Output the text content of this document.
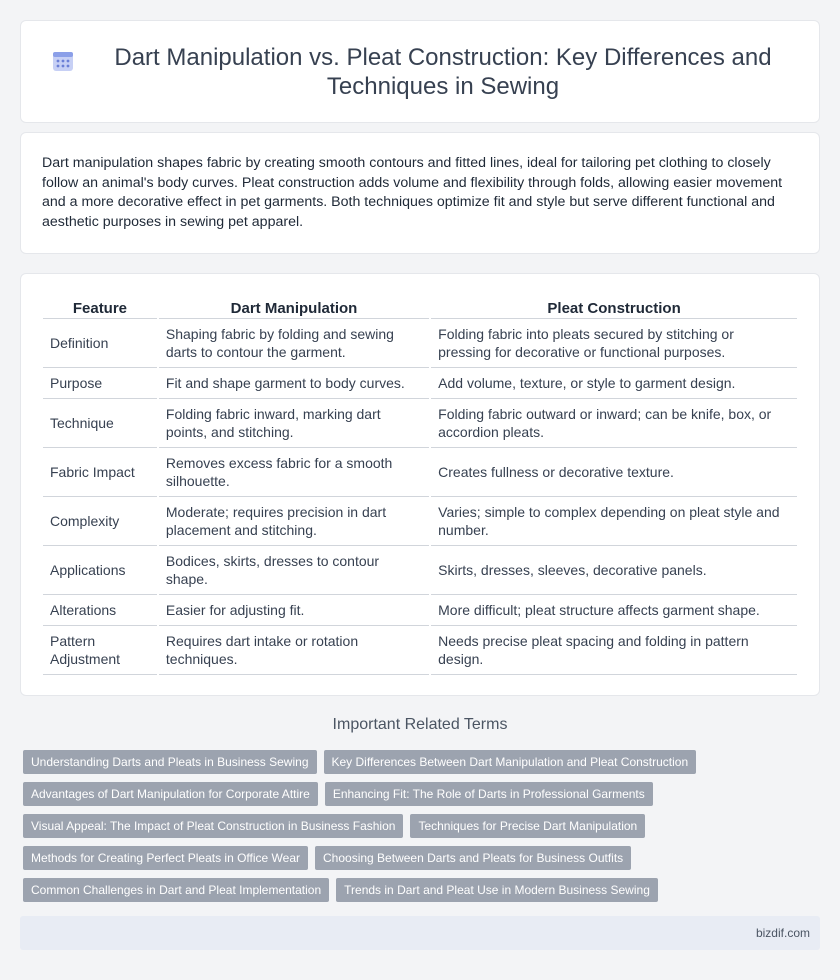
Dart Manipulation vs. Pleat Construction: Key Differences and Techniques in Sewing

Dart manipulation shapes fabric by creating smooth contours and fitted lines, ideal for tailoring pet clothing to closely follow an animal's body curves. Pleat construction adds volume and flexibility through folds, allowing easier movement and a more decorative effect in pet garments. Both techniques optimize fit and style but serve different functional and aesthetic purposes in sewing pet apparel.

Feature	Dart Manipulation	Pleat Construction
Definition	Shaping fabric by folding and sewing darts to contour the garment.	Folding fabric into pleats secured by stitching or pressing for decorative or functional purposes.
Purpose	Fit and shape garment to body curves.	Add volume, texture, or style to garment design.
Technique	Folding fabric inward, marking dart points, and stitching.	Folding fabric outward or inward; can be knife, box, or accordion pleats.
Fabric Impact	Removes excess fabric for a smooth silhouette.	Creates fullness or decorative texture.
Complexity	Moderate; requires precision in dart placement and stitching.	Varies; simple to complex depending on pleat style and number.
Applications	Bodices, skirts, dresses to contour shape.	Skirts, dresses, sleeves, decorative panels.
Alterations	Easier for adjusting fit.	More difficult; pleat structure affects garment shape.
Pattern Adjustment	Requires dart intake or rotation techniques.	Needs precise pleat spacing and folding in pattern design.
Important Related Terms
Understanding Darts and Pleats in Business Sewing	Key Differences Between Dart Manipulation and Pleat Construction
Advantages of Dart Manipulation for Corporate Attire	Enhancing Fit: The Role of Darts in Professional Garments
Visual Appeal: The Impact of Pleat Construction in Business Fashion	Techniques for Precise Dart Manipulation
Methods for Creating Perfect Pleats in Office Wear	Choosing Between Darts and Pleats for Business Outfits
Common Challenges in Dart and Pleat Implementation	Trends in Dart and Pleat Use in Modern Business Sewing
bizdif.com
